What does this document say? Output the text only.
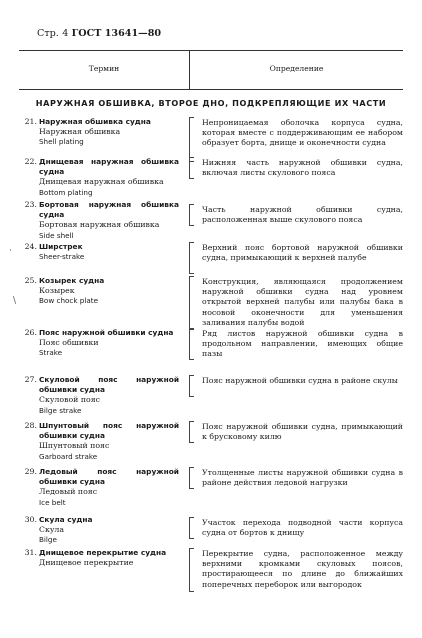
Стр. 4 ГОСТ 13641—80
Термин	Определение
НАРУЖНАЯ ОБШИВКА, ВТОРОЕ ДНО, ПОДКРЕПЛЯЮЩИЕ ИХ ЧАСТИ
21. Наружная обшивка судна
Наружная обшивка
Shell plating
Непроницаемая оболочка корпуса судна, которая вместе с поддерживающим ее набором образует борта, днище и оконечности судна
22. Днищевая наружная обшивка судна
Днищевая наружная обшивка
Bottom plating
Нижняя часть наружной обшивки судна, включая листы скулового пояса
23. Бортовая наружная обшивка судна
Бортовая наружная обшивка
Side shell
Часть наружной обшивки судна, расположенная выше скулового пояса
24. Ширстрек
Sheer-strake
Верхний пояс бортовой наружной обшивки судна, примыкающий к верхней палубе
25. Козырек судна
Козырек
Bow chock plate
Конструкция, являющаяся продолжением наружной обшивки судна над уровнем открытой верхней палубы или палубы бака в носовой оконечности для уменьшения заливания палубы водой
26. Пояс наружной обшивки судна
Пояс обшивки
Strake
Ряд листов наружной обшивки судна в продольном направлении, имеющих общие пазы
27. Скуловой пояс наружной обшивки судна
Скуловой пояс
Bilge strake
Пояс наружной обшивки судна в районе скулы
28. Шпунтовый пояс наружной обшивки судна
Шпунтовый пояс
Garboard strake
Пояс наружной обшивки судна, примыкающий к брусковому килю
29. Ледовый пояс наружной обшивки судна
Ледовый пояс
Ice belt
Утолщенные листы наружной обшивки судна в районе действия ледовой нагрузки
30. Скула судна
Скула
Bilge
Участок перехода подводной части корпуса судна от бортов к днищу
31. Днищевое перекрытие судна
Днищевое перекрытие
Перекрытие судна, расположенное между верхними кромками скуловых поясов, простирающееся по длине до ближайших поперечных переборок или выгородок
·
\
